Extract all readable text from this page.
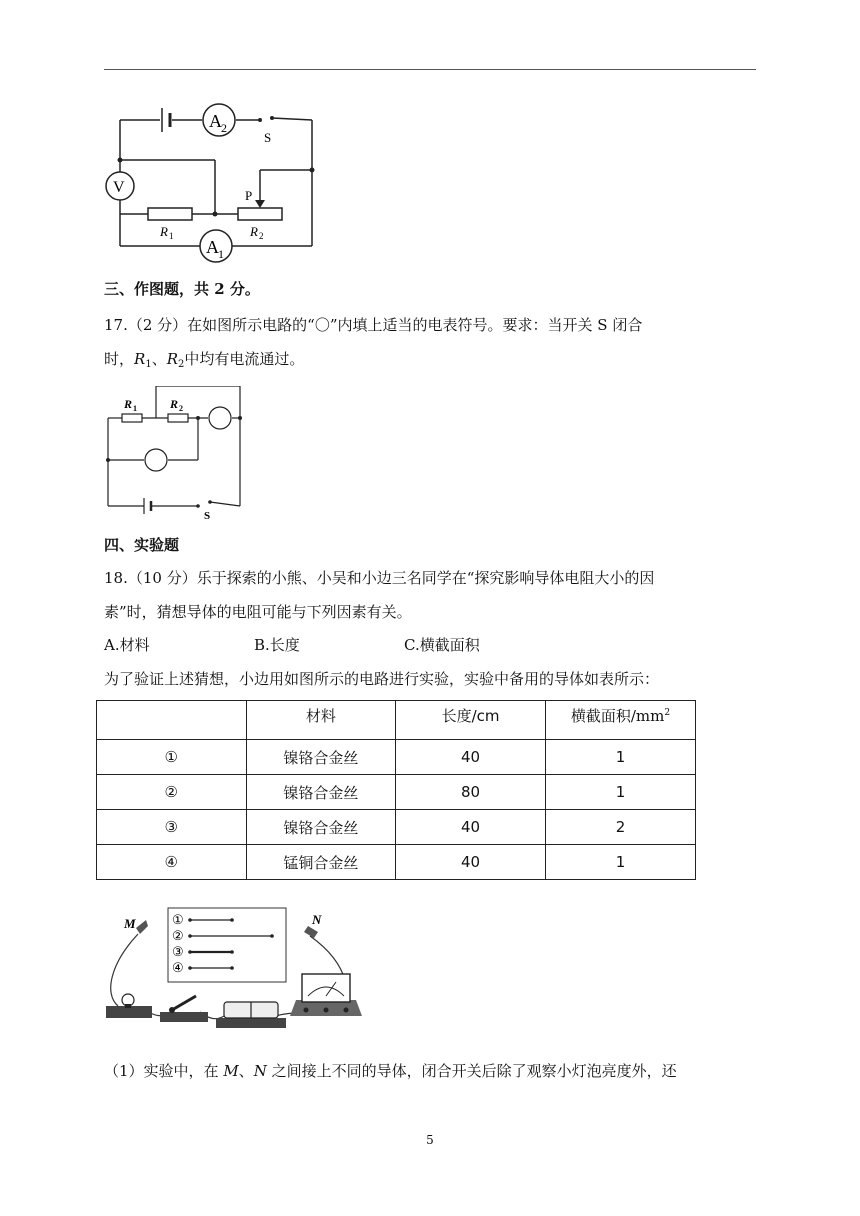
A 2
V
A 1
R 1	R 2
P
S
三、作图题，共 2 分。
17.（2 分）在如图所示电路的“〇”内填上适当的电表符号。要求：当开关 S 闭合
时，$R_1$、$R_2$中均有电流通过。
R 1	R 2
S
四、实验题
18.（10 分）乐于探索的小熊、小吴和小边三名同学在“探究影响导体电阻大小的因
素”时，猜想导体的电阻可能与下列因素有关。
A.材料	B.长度	C.横截面积
为了验证上述猜想，小边用如图所示的电路进行实验，实验中备用的导体如表所示：
	材料	长度/cm	横截面积$/mm^2$
①	镍铬合金丝	40	1
②	镍铬合金丝	80	1
③	镍铬合金丝	40	2
④	锰铜合金丝	40	1
①
②
③
④
M	N
（1）实验中，在 M、N 之间接上不同的导体，闭合开关后除了观察小灯泡亮度外，还
5
